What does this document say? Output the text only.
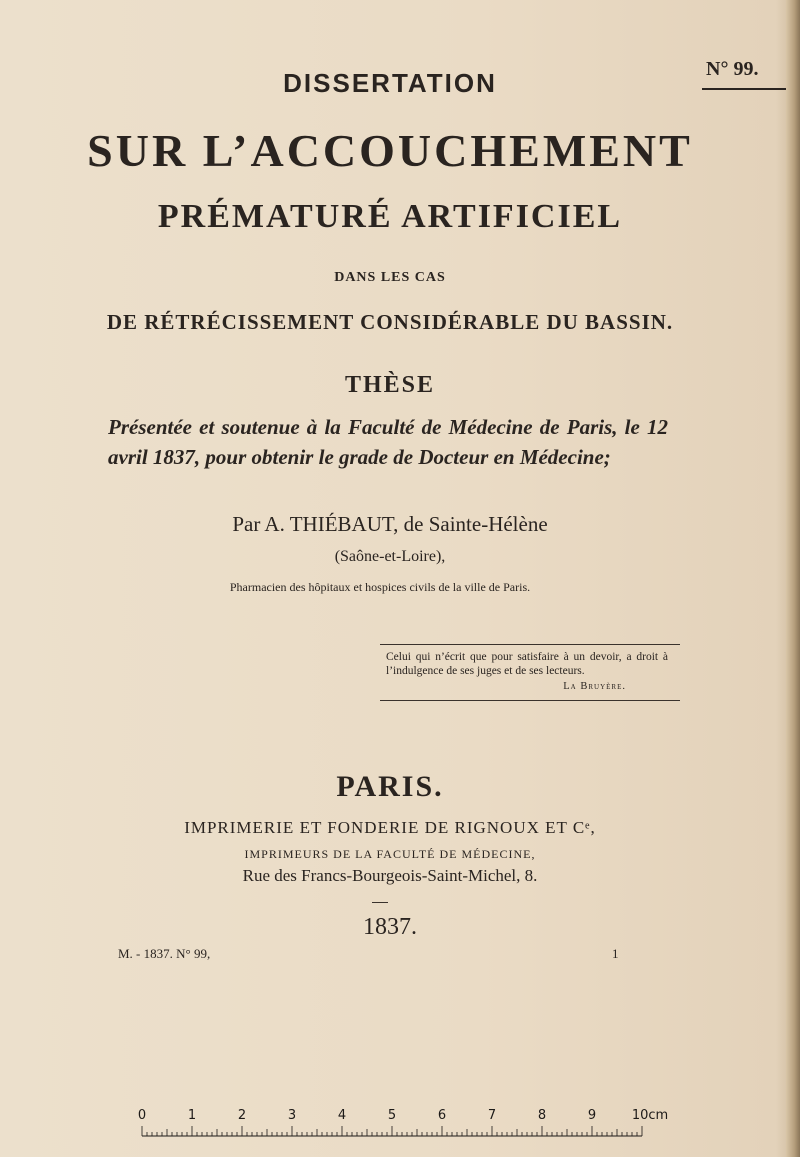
N° 99.
DISSERTATION
SUR L’ACCOUCHEMENT
PRÉMATURÉ ARTIFICIEL
DANS LES CAS
DE RÉTRÉCISSEMENT CONSIDÉRABLE DU BASSIN.
THÈSE
Présentée et soutenue à la Faculté de Médecine de Paris, le 12 avril 1837, pour obtenir le grade de Docteur en Médecine;
Par A. THIÉBAUT, de Sainte-Hélène
(Saône-et-Loire),
Pharmacien des hôpitaux et hospices civils de la ville de Paris.
Celui qui n’écrit que pour satisfaire à un devoir, a droit à l’indulgence de ses juges et de ses lecteurs.
La Bruyère.
PARIS.
IMPRIMERIE ET FONDERIE DE RIGNOUX ET Cᵉ,
IMPRIMEURS DE LA FACULTÉ DE MÉDECINE,
Rue des Francs-Bourgeois-Saint-Michel, 8.
1837.
M. - 1837. N° 99,	1
0	1	2	3	4	5	6	7	8	9	10cm
